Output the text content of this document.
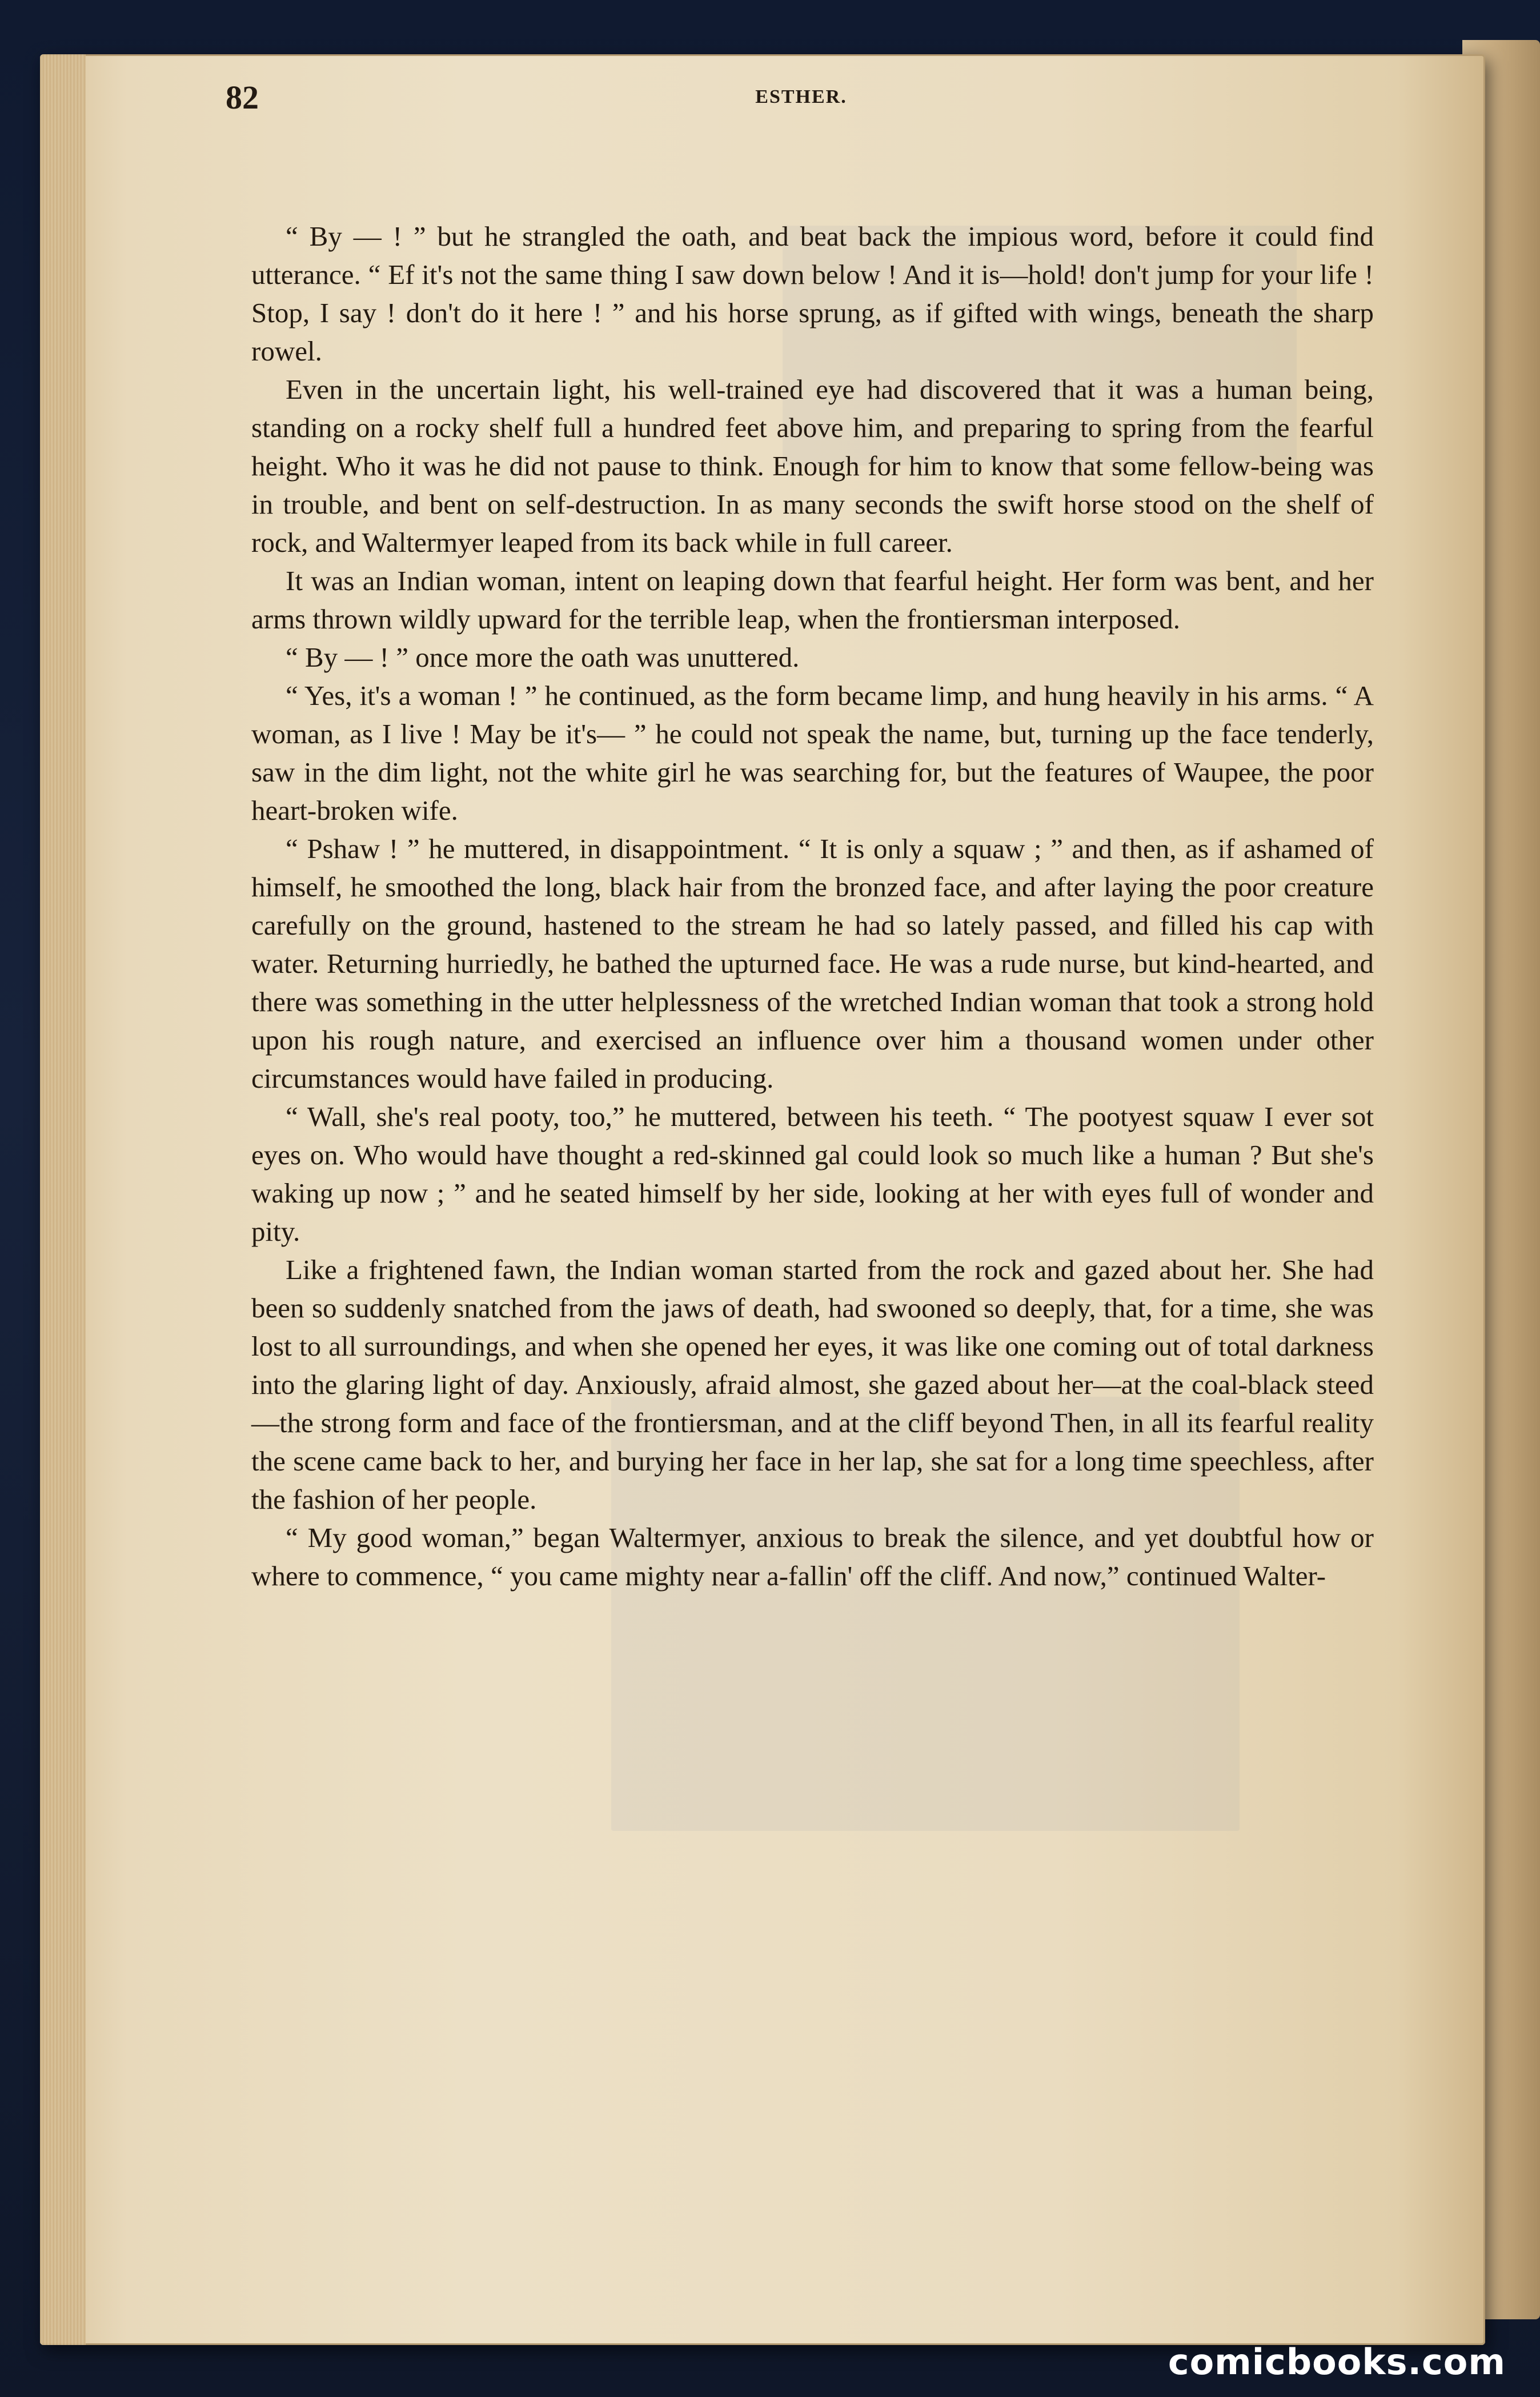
82	ESTHER.

“ By — ! ” but he strangled the oath, and beat back the impious word, before it could find utterance. “ Ef it's not the same thing I saw down below ! And it is—hold! don't jump for your life ! Stop, I say ! don't do it here ! ” and his horse sprung, as if gifted with wings, beneath the sharp rowel.

Even in the uncertain light, his well-trained eye had discovered that it was a human being, standing on a rocky shelf full a hundred feet above him, and preparing to spring from the fearful height. Who it was he did not pause to think. Enough for him to know that some fellow-being was in trouble, and bent on self-destruction. In as many seconds the swift horse stood on the shelf of rock, and Waltermyer leaped from its back while in full career.

It was an Indian woman, intent on leaping down that fearful height. Her form was bent, and her arms thrown wildly upward for the terrible leap, when the frontiersman interposed.

“ By — ! ” once more the oath was unuttered.

“ Yes, it's a woman ! ” he continued, as the form became limp, and hung heavily in his arms. “ A woman, as I live ! May be it's— ” he could not speak the name, but, turning up the face tenderly, saw in the dim light, not the white girl he was searching for, but the features of Waupee, the poor heart-broken wife.

“ Pshaw ! ” he muttered, in disappointment. “ It is only a squaw ; ” and then, as if ashamed of himself, he smoothed the long, black hair from the bronzed face, and after laying the poor creature carefully on the ground, hastened to the stream he had so lately passed, and filled his cap with water. Returning hurriedly, he bathed the upturned face. He was a rude nurse, but kind-hearted, and there was something in the utter helplessness of the wretched Indian woman that took a strong hold upon his rough nature, and exercised an influence over him a thousand women under other circumstances would have failed in producing.

“ Wall, she's real pooty, too,” he muttered, between his teeth. “ The pootyest squaw I ever sot eyes on. Who would have thought a red-skinned gal could look so much like a human ? But she's waking up now ; ” and he seated himself by her side, looking at her with eyes full of wonder and pity.

Like a frightened fawn, the Indian woman started from the rock and gazed about her. She had been so suddenly snatched from the jaws of death, had swooned so deeply, that, for a time, she was lost to all surroundings, and when she opened her eyes, it was like one coming out of total darkness into the glaring light of day. Anxiously, afraid almost, she gazed about her—at the coal-black steed—the strong form and face of the frontiersman, and at the cliff beyond Then, in all its fearful reality the scene came back to her, and burying her face in her lap, she sat for a long time speechless, after the fashion of her people.

“ My good woman,” began Waltermyer, anxious to break the silence, and yet doubtful how or where to commence, “ you came mighty near a-fallin' off the cliff. And now,” continued Walter-

comicbooks.com
